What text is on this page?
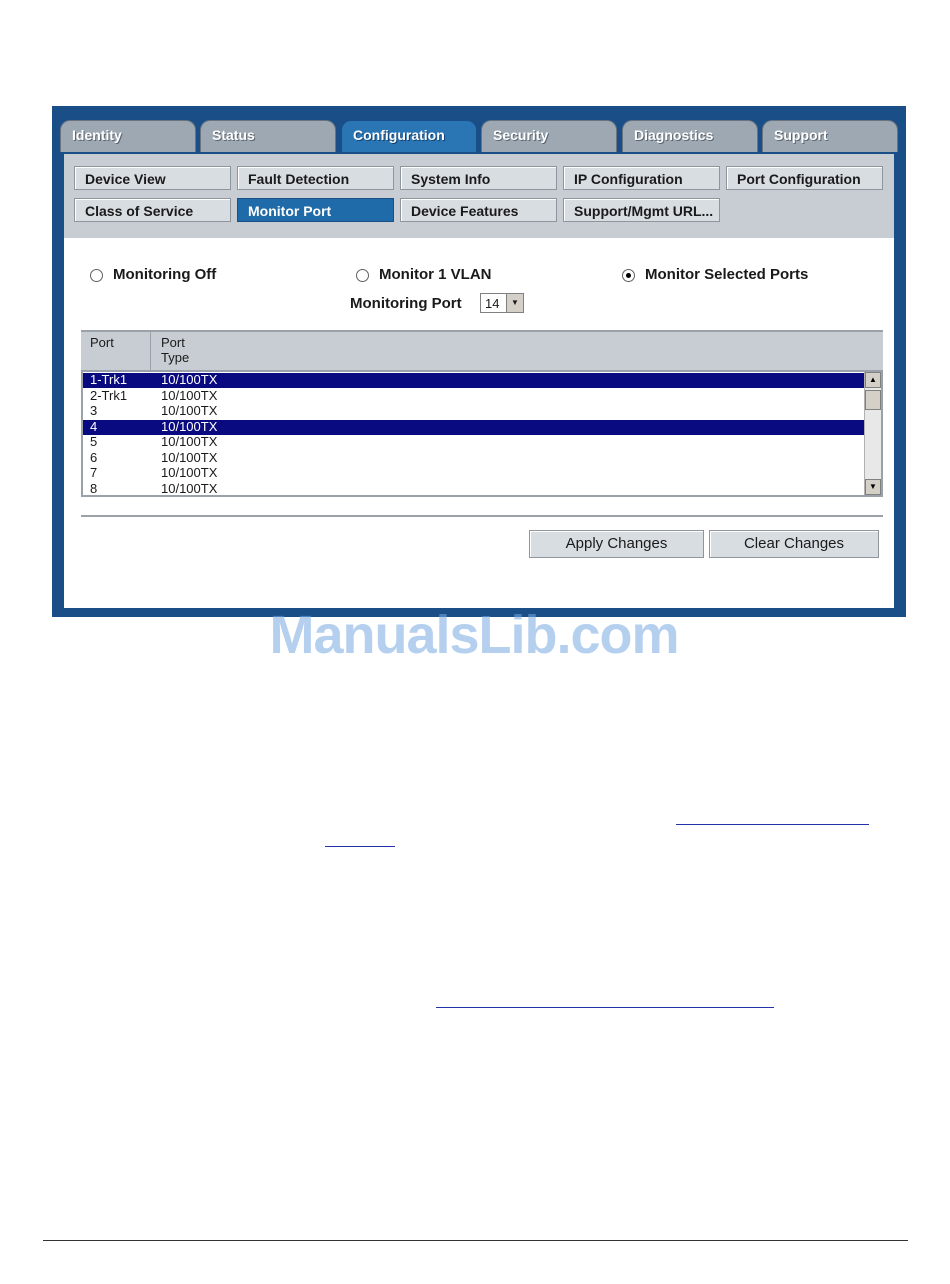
Identity	Status	Configuration	Security	Diagnostics	Support
Device View	Fault Detection	System Info	IP Configuration	Port Configuration
Class of Service	Monitor Port	Device Features	Support/Mgmt URL...
Monitoring Off	Monitor 1 VLAN	Monitor Selected Ports
Monitoring Port 14	▼
Port	Port
Type
8	10/100TX
7	10/100TX
6	10/100TX
5	10/100TX
4	10/100TX
3	10/100TX
2-Trk1	10/100TX
1-Trk1	10/100TX	▲
▼
Apply Changes	Clear Changes
ManualsLib.com
